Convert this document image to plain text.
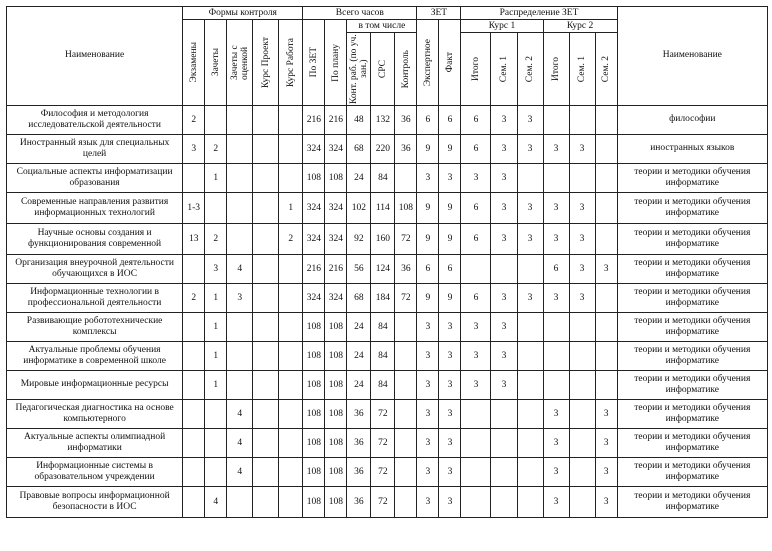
Наименование	Формы контроля					Всего часов					ЗЕТ		Распределение ЗЕТ						Наименование

	Экзамены	Зачеты	Зачеты с оценкой	Курс Проект	Курс Работа	По ЗЕТ	По плану	в том числе			Экспертное	Факт	Курс 1			Курс 2			

								Конт. раб. (по уч. зан.)	СРС	Контроль			Итого	Сем. 1	Сем. 2	Итого	Сем. 1	Сем. 2	

Философия и методология исследовательской деятельности	2					216	216	48	132	36	6	6	6	3	3				философии
Иностранный язык для специальных целей	3	2				324	324	68	220	36	9	9	6	3	3	3	3		иностранных языков
Социальные аспекты информатизации образования		1				108	108	24	84		3	3	3	3					теории и методики обучения информатике
Современные направления развития информационных технологий	1-3				1	324	324	102	114	108	9	9	6	3	3	3	3		теории и методики обучения информатике
Научные основы создания и функционирования современной	13	2			2	324	324	92	160	72	9	9	6	3	3	3	3		теории и методики обучения информатике
Организация внеурочной деятельности обучающихся в ИОС		3	4			216	216	56	124	36	6	6				6	3	3	теории и методики обучения информатике
Информационные технологии в профессиональной деятельности	2	1	3			324	324	68	184	72	9	9	6	3	3	3	3		теории и методики обучения информатике
Развивающие робототехнические комплексы		1				108	108	24	84		3	3	3	3					теории и методики обучения информатике
Актуальные проблемы обучения информатике в современной школе		1				108	108	24	84		3	3	3	3					теории и методики обучения информатике
Мировые информационные ресурсы		1				108	108	24	84		3	3	3	3					теории и методики обучения информатике
Педагогическая диагностика на основе компьютерного			4			108	108	36	72		3	3				3		3	теории и методики обучения информатике
Актуальные аспекты олимпиадной информатики			4			108	108	36	72		3	3				3		3	теории и методики обучения информатике
Информационные системы в образовательном учреждении			4			108	108	36	72		3	3				3		3	теории и методики обучения информатике
Правовые вопросы информационной безопасности в ИОС		4				108	108	36	72		3	3				3		3	теории и методики обучения информатике
